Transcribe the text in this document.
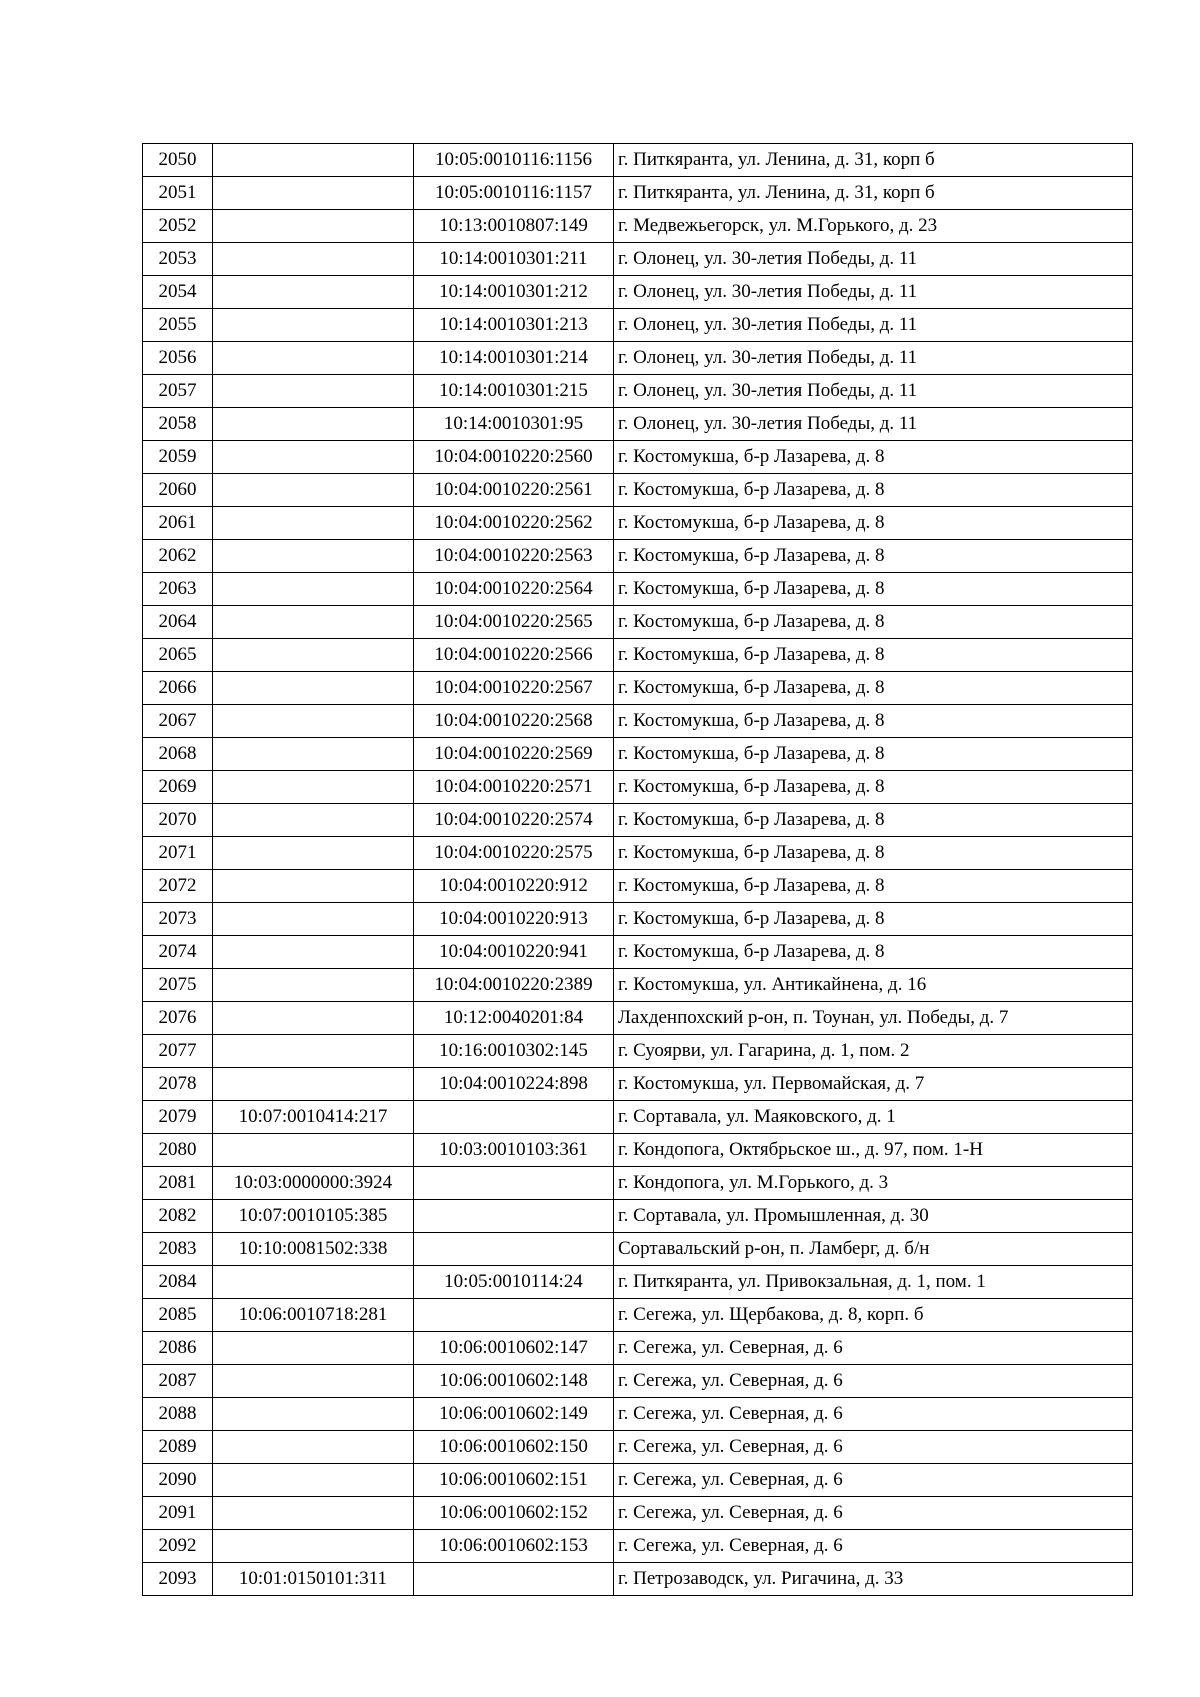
2050		10:05:0010116:1156	г. Питкяранта, ул. Ленина, д. 31, корп б
2051		10:05:0010116:1157	г. Питкяранта, ул. Ленина, д. 31, корп б
2052		10:13:0010807:149	г. Медвежьегорск, ул. М.Горького, д. 23
2053		10:14:0010301:211	г. Олонец, ул. 30-летия Победы, д. 11
2054		10:14:0010301:212	г. Олонец, ул. 30-летия Победы, д. 11
2055		10:14:0010301:213	г. Олонец, ул. 30-летия Победы, д. 11
2056		10:14:0010301:214	г. Олонец, ул. 30-летия Победы, д. 11
2057		10:14:0010301:215	г. Олонец, ул. 30-летия Победы, д. 11
2058		10:14:0010301:95	г. Олонец, ул. 30-летия Победы, д. 11
2059		10:04:0010220:2560	г. Костомукша, б-р Лазарева, д. 8
2060		10:04:0010220:2561	г. Костомукша, б-р Лазарева, д. 8
2061		10:04:0010220:2562	г. Костомукша, б-р Лазарева, д. 8
2062		10:04:0010220:2563	г. Костомукша, б-р Лазарева, д. 8
2063		10:04:0010220:2564	г. Костомукша, б-р Лазарева, д. 8
2064		10:04:0010220:2565	г. Костомукша, б-р Лазарева, д. 8
2065		10:04:0010220:2566	г. Костомукша, б-р Лазарева, д. 8
2066		10:04:0010220:2567	г. Костомукша, б-р Лазарева, д. 8
2067		10:04:0010220:2568	г. Костомукша, б-р Лазарева, д. 8
2068		10:04:0010220:2569	г. Костомукша, б-р Лазарева, д. 8
2069		10:04:0010220:2571	г. Костомукша, б-р Лазарева, д. 8
2070		10:04:0010220:2574	г. Костомукша, б-р Лазарева, д. 8
2071		10:04:0010220:2575	г. Костомукша, б-р Лазарева, д. 8
2072		10:04:0010220:912	г. Костомукша, б-р Лазарева, д. 8
2073		10:04:0010220:913	г. Костомукша, б-р Лазарева, д. 8
2074		10:04:0010220:941	г. Костомукша, б-р Лазарева, д. 8
2075		10:04:0010220:2389	г. Костомукша, ул. Антикайнена, д. 16
2076		10:12:0040201:84	Лахденпохский р-он, п. Тоунан, ул. Победы, д. 7
2077		10:16:0010302:145	г. Суоярви, ул. Гагарина, д. 1, пом. 2
2078		10:04:0010224:898	г. Костомукша, ул. Первомайская, д. 7
2079	10:07:0010414:217		г. Сортавала, ул. Маяковского, д. 1
2080		10:03:0010103:361	г. Кондопога, Октябрьское ш., д. 97, пом. 1-Н
2081	10:03:0000000:3924		г. Кондопога, ул. М.Горького, д. 3
2082	10:07:0010105:385		г. Сортавала, ул. Промышленная, д. 30
2083	10:10:0081502:338		Сортавальский р-он, п. Ламберг, д. б/н
2084		10:05:0010114:24	г. Питкяранта, ул. Привокзальная, д. 1, пом. 1
2085	10:06:0010718:281		г. Сегежа, ул. Щербакова, д. 8, корп. б
2086		10:06:0010602:147	г. Сегежа, ул. Северная, д. 6
2087		10:06:0010602:148	г. Сегежа, ул. Северная, д. 6
2088		10:06:0010602:149	г. Сегежа, ул. Северная, д. 6
2089		10:06:0010602:150	г. Сегежа, ул. Северная, д. 6
2090		10:06:0010602:151	г. Сегежа, ул. Северная, д. 6
2091		10:06:0010602:152	г. Сегежа, ул. Северная, д. 6
2092		10:06:0010602:153	г. Сегежа, ул. Северная, д. 6
2093	10:01:0150101:311		г. Петрозаводск, ул. Ригачина, д. 33
